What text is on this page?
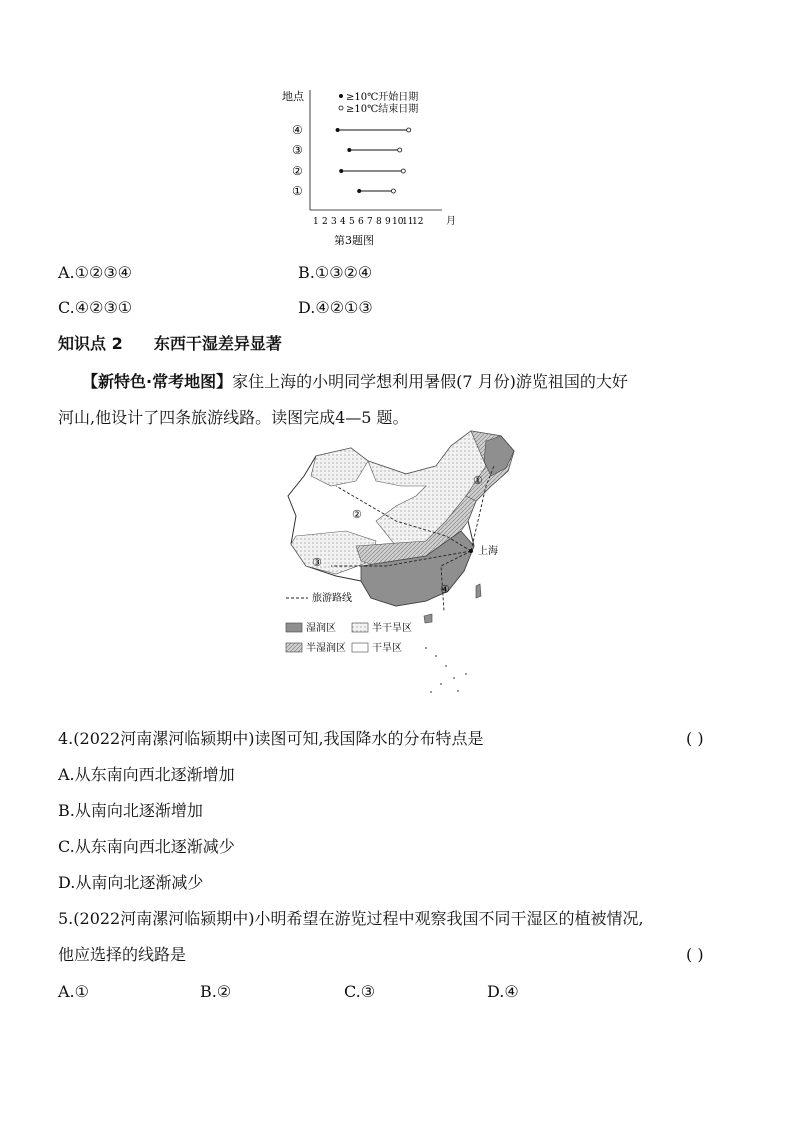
地点	≥10℃开始日期
≥10℃结束日期
④
③
②
①
1 2 3 4 5 6 7 8 9 10
11
12 月
第3题图
A.①②③④	B.①③②④
C.④②③①	D.④②①③
知识点 2 东西干湿差异显著
【新特色·常考地图】家住上海的小明同学想利用暑假(7 月份)游览祖国的大好
河山,他设计了四条旅游线路。读图完成4—5 题。
上海
①
②
③
④
旅游路线
湿润区	半干旱区
半湿润区	干旱区
4.(2022河南漯河临颍期中)读图可知,我国降水的分布特点是	( )
A.从东南向西北逐渐增加
B.从南向北逐渐增加
C.从东南向西北逐渐减少
D.从南向北逐渐减少
5.(2022河南漯河临颍期中)小明希望在游览过程中观察我国不同干湿区的植被情况,
他应选择的线路是	( )
A.①	B.②	C.③	D.④
